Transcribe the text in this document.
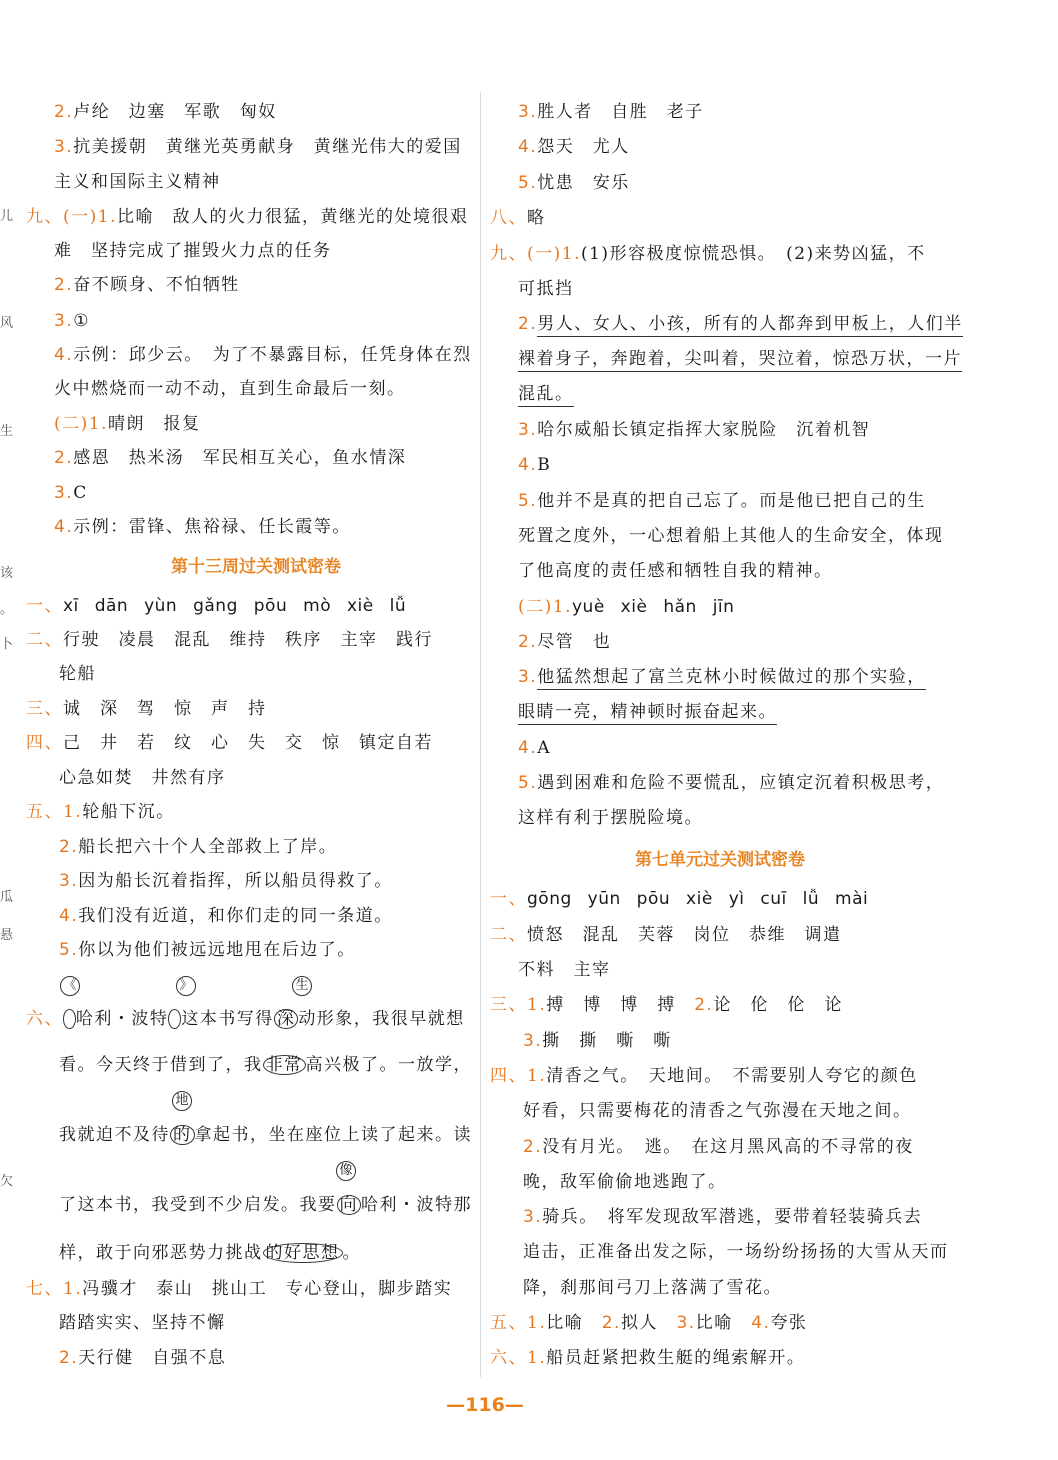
儿
风
生
该
。
卜
瓜
悬
欠
2.卢纶　边塞　军歌　匈奴
3.抗美援朝　黄继光英勇献身　黄继光伟大的爱国
主义和国际主义精神
九、(一)1.比喻　敌人的火力很猛，黄继光的处境很艰
难　坚持完成了摧毁火力点的任务
2.奋不顾身、不怕牺牲
3.①
4.示例：邱少云。　为了不暴露目标，任凭身体在烈
火中燃烧而一动不动，直到生命最后一刻。
(二)1.晴朗　报复
2.感恩　热米汤　军民相互关心，鱼水情深
3.C
4.示例：雷锋、焦裕禄、任长霞等。
第十三周过关测试密卷
一、xī dān yùn gǎng pōu mò xiè lǚ
二、行驶　凌晨　混乱　维持　秩序　主宰　践行
轮船
三、诚　深　驾　惊　声　持
四、己　井　若　纹　心　失　交　惊　镇定自若
心急如焚　井然有序
五、1.轮船下沉。
2.船长把六十个人全部救上了岸。
3.因为船长沉着指挥，所以船员得救了。
4.我们没有近道，和你们走的同一条道。
5.你以为他们被远远地甩在后边了。
《	》	生
六、 哈利・波特 这本书写得 深 动形象，我很早就想
看。今天终于借到了，我 非常 高兴极了。一放学，
地
我就迫不及待 的 拿起书，坐在座位上读了起来。读
像
了这本书，我受到不少启发。我要 向 哈利・波特那
样，敢于向邪恶势力挑战 的好思想 。
七、1.冯骥才　泰山　挑山工　专心登山，脚步踏实
踏踏实实、坚持不懈
2.天行健　自强不息
3.胜人者　自胜　老子
4.怨天　尤人
5.忧患　安乐
八、略
九、(一)1.(1)形容极度惊慌恐惧。　(2)来势凶猛，不
可抵挡
2.男人、女人、小孩，所有的人都奔到甲板上，人们半
裸着身子，奔跑着，尖叫着，哭泣着，惊恐万状，一片
混乱。
3.哈尔威船长镇定指挥大家脱险　沉着机智
4.B
5.他并不是真的把自己忘了。而是他已把自己的生
死置之度外，一心想着船上其他人的生命安全，体现
了他高度的责任感和牺牲自我的精神。
(二)1.yuè xiè hǎn jīn
2.尽管　也
3.他猛然想起了富兰克林小时候做过的那个实验，
眼睛一亮，精神顿时振奋起来。
4.A
5.遇到困难和危险不要慌乱，应镇定沉着积极思考，
这样有利于摆脱险境。
第七单元过关测试密卷
一、gōng yūn pōu xiè yì cuī lǚ mài
二、愤怒　混乱　芙蓉　岗位　恭维　调遣
不料　主宰
三、1.搏　博　博　搏　 2.论　伦　伦　论
3.撕　撕　嘶　嘶
四、1.清香之气。　天地间。　不需要别人夸它的颜色
好看，只需要梅花的清香之气弥漫在天地之间。
2.没有月光。　逃。　在这月黑风高的不寻常的夜
晚，敌军偷偷地逃跑了。
3.骑兵。　将军发现敌军潜逃，要带着轻装骑兵去
追击，正准备出发之际，一场纷纷扬扬的大雪从天而
降，刹那间弓刀上落满了雪花。
五、1.比喻　 2.拟人　 3.比喻　 4.夸张
六、1.船员赶紧把救生艇的绳索解开。
—116—
